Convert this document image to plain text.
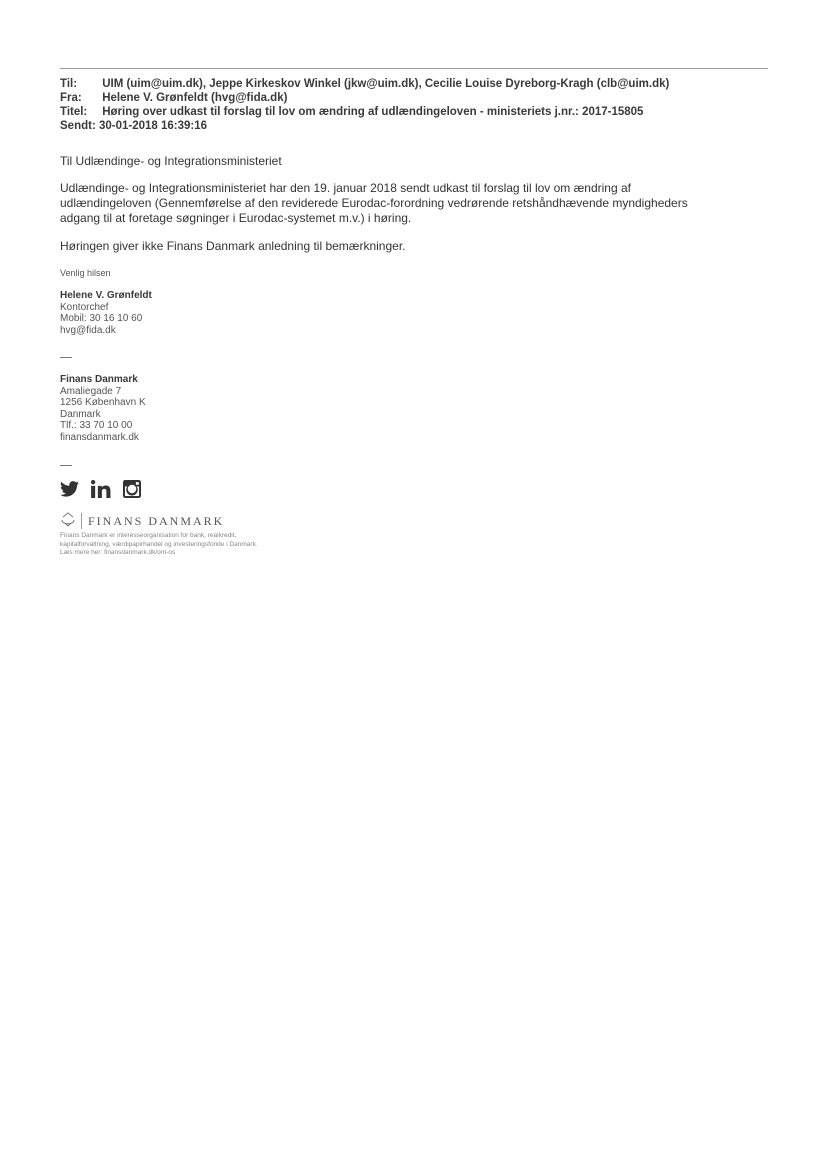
Til: UIM (uim@uim.dk), Jeppe Kirkeskov Winkel (jkw@uim.dk), Cecilie Louise Dyreborg-Kragh (clb@uim.dk)
Fra: Helene V. Grønfeldt (hvg@fida.dk)
Titel: Høring over udkast til forslag til lov om ændring af udlændingeloven - ministeriets j.nr.: 2017-15805
Sendt: 30-01-2018 16:39:16
Til Udlændinge- og Integrationsministeriet
Udlændinge- og Integrationsministeriet har den 19. januar 2018 sendt udkast til forslag til lov om ændring af
udlændingeloven (Gennemførelse af den reviderede Eurodac-forordning vedrørende retshåndhævende myndigheders
adgang til at foretage søgninger i Eurodac-systemet m.v.) i høring.
Høringen giver ikke Finans Danmark anledning til bemærkninger.
Venlig hilsen
Helene V. Grønfeldt
Kontorchef
Mobil: 30 16 10 60
hvg@fida.dk
Finans Danmark
Amaliegade 7
1256 København K
Danmark
Tlf.: 33 70 10 00
finansdanmark.dk
FINANS DANMARK
Finans Danmark er interesseorganisation for bank, realkredit,
kapitalforvaltning, værdipapirhandel og investeringsfonde i Danmark.
Læs mere her: finansdanmark.dk/om-os
